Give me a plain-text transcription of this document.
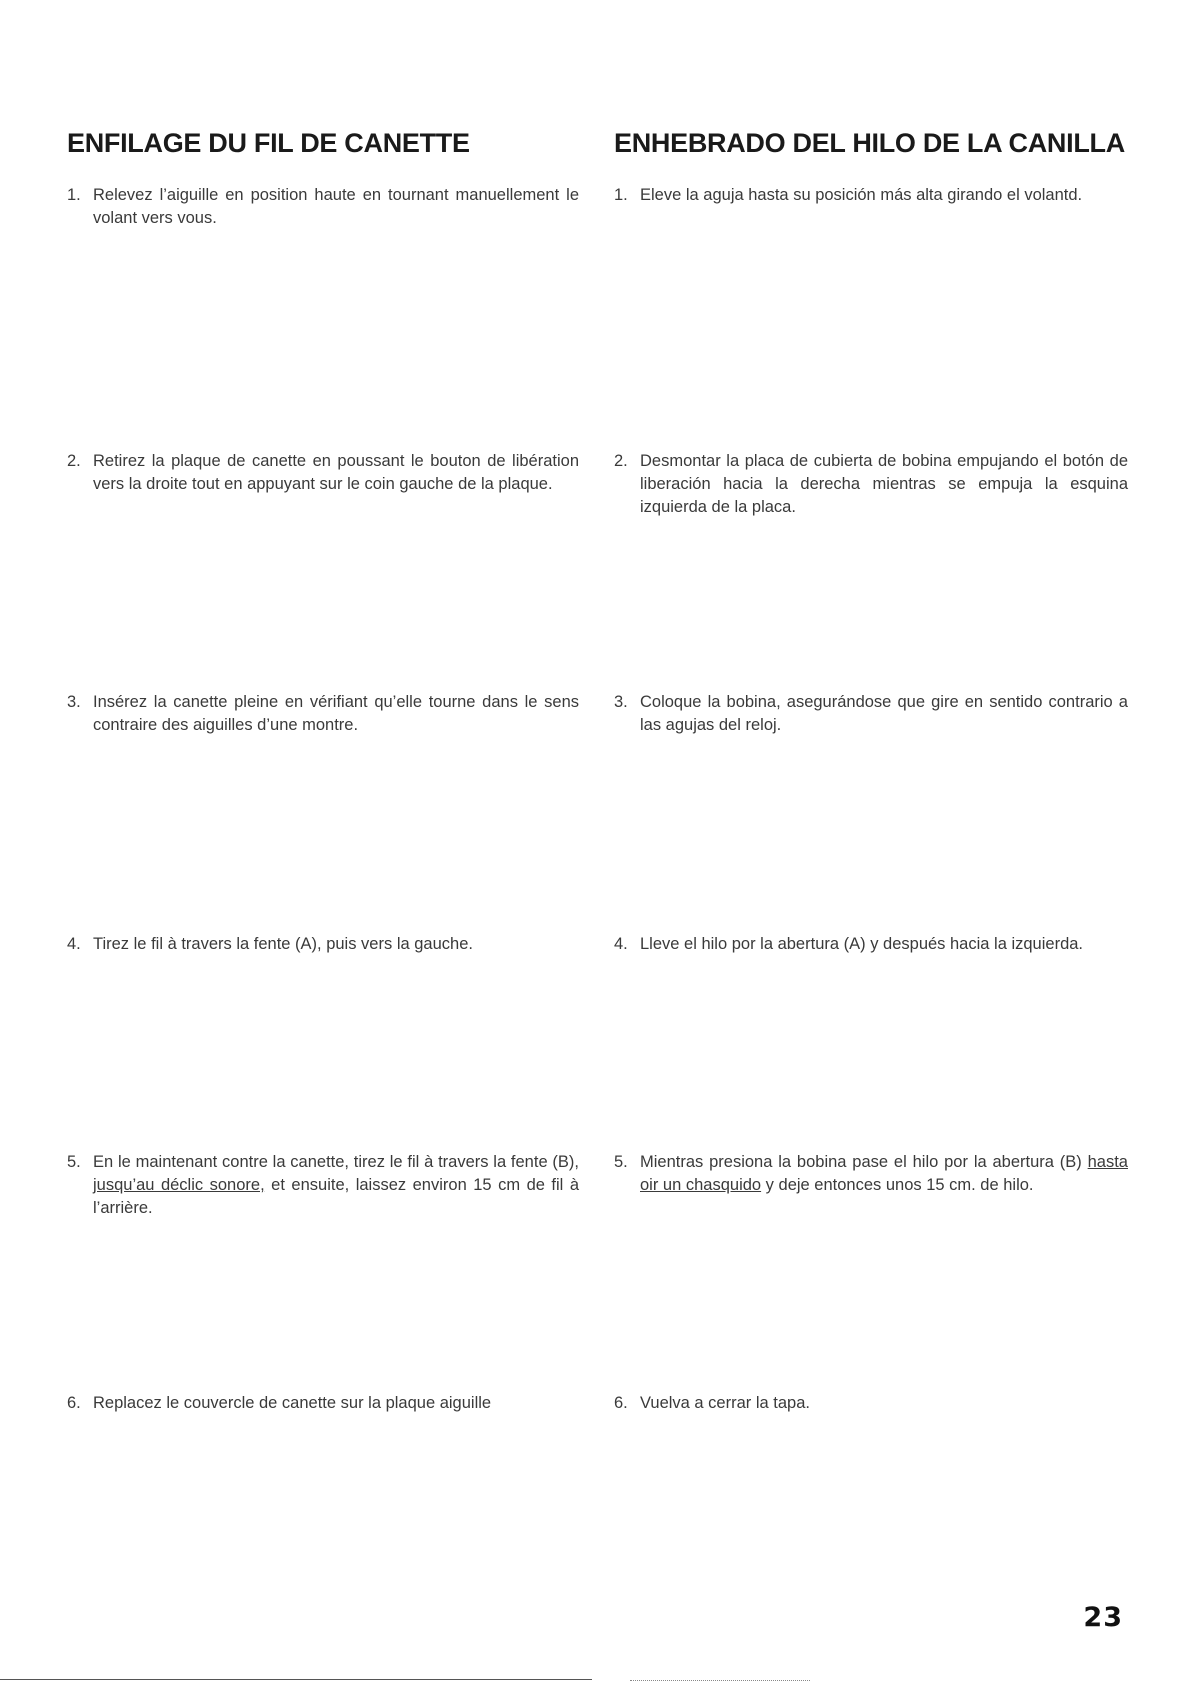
ENFILAGE DU FIL DE CANETTE
1. Relevez l’aiguille en position haute en tournant manuellement le volant vers vous.
2. Retirez la plaque de canette en poussant le bouton de libération vers la droite tout en appuyant sur le coin gauche de la plaque.
3. Insérez la canette pleine en vérifiant qu’elle tourne dans le sens contraire des aiguilles d’une montre.
4. Tirez le fil à travers la fente (A), puis vers la gauche.
5. En le maintenant contre la canette, tirez le fil à travers la fente (B), jusqu’au déclic sonore, et ensuite, laissez environ 15 cm de fil à l’arrière.
6. Replacez le couvercle de canette sur la plaque aiguille
ENHEBRADO DEL HILO DE LA CANILLA
1. Eleve la aguja hasta su posición más alta girando el volantd.
2. Desmontar la placa de cubierta de bobina empujando el botón de liberación hacia la derecha mientras se empuja la esquina izquierda de la placa.
3. Coloque la bobina, asegurándose que gire en sentido contrario a las agujas del reloj.
4. Lleve el hilo por la abertura (A) y después hacia la izquierda.
5. Mientras presiona la bobina pase el hilo por la abertura (B) hasta oir un chasquido y deje entonces unos 15 cm. de hilo.
6. Vuelva a cerrar la tapa.
23
